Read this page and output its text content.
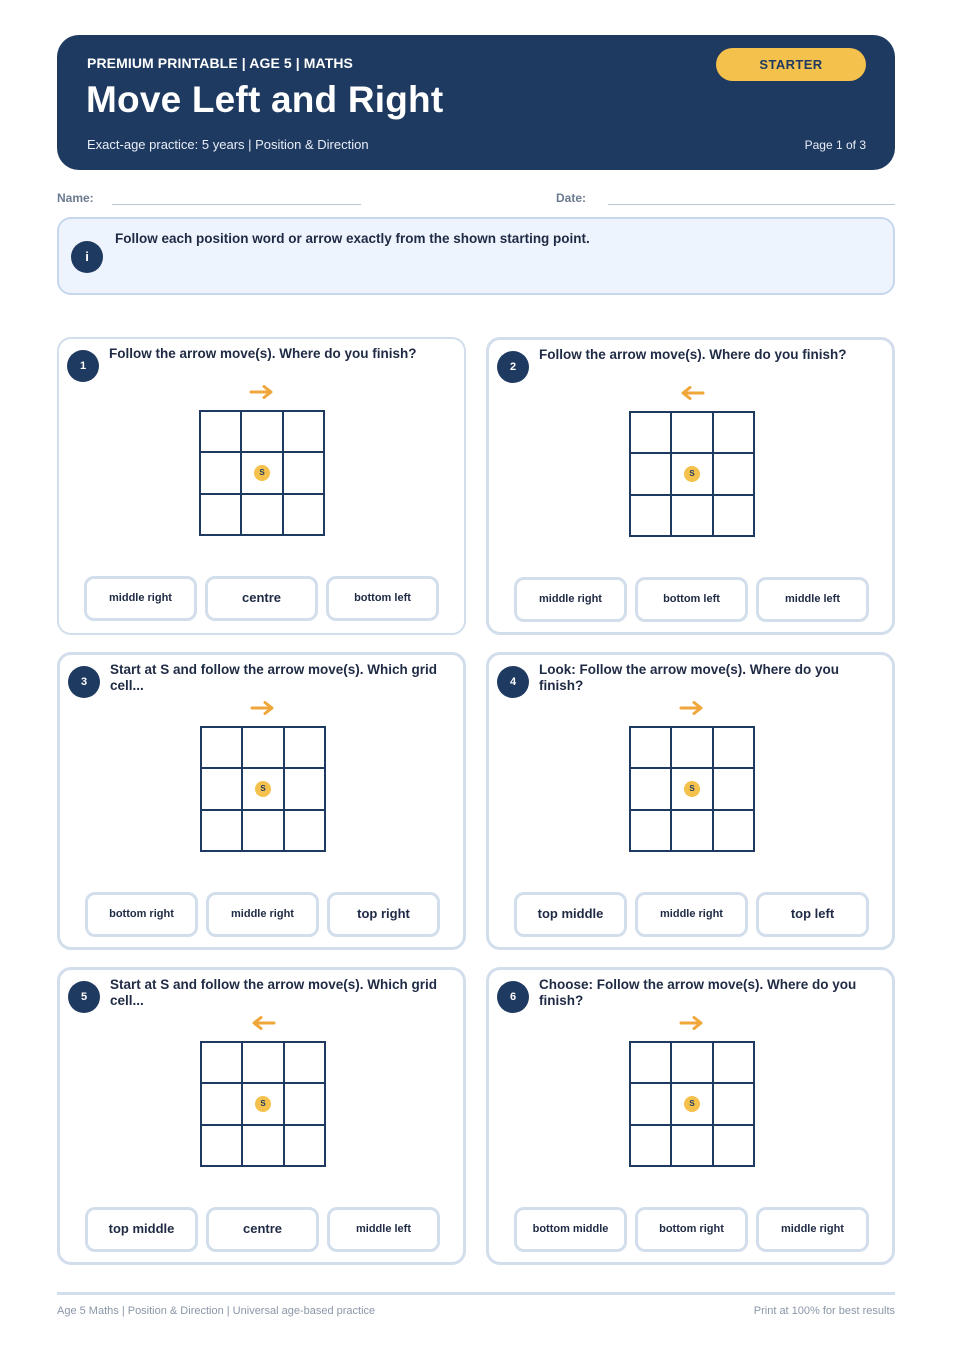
PREMIUM PRINTABLE | AGE 5 | MATHS
Move Left and Right
Exact-age practice: 5 years | Position & Direction	Page 1 of 3
STARTER
Name:	Date:
i
Follow each position word or arrow exactly from the shown starting point.
1
Follow the arrow move(s). Where do you finish?
S
middle right	centre	bottom left
2
Follow the arrow move(s). Where do you finish?
S
middle right	bottom left	middle left
3
Start at S and follow the arrow move(s). Which grid cell...
S
bottom right	middle right	top right
4
Look: Follow the arrow move(s). Where do you finish?
S
top middle	middle right	top left
5
Start at S and follow the arrow move(s). Which grid cell...
S
top middle	centre	middle left
6
Choose: Follow the arrow move(s). Where do you finish?
S
bottom middle	bottom right	middle right
Age 5 Maths | Position & Direction | Universal age-based practice	Print at 100% for best results
